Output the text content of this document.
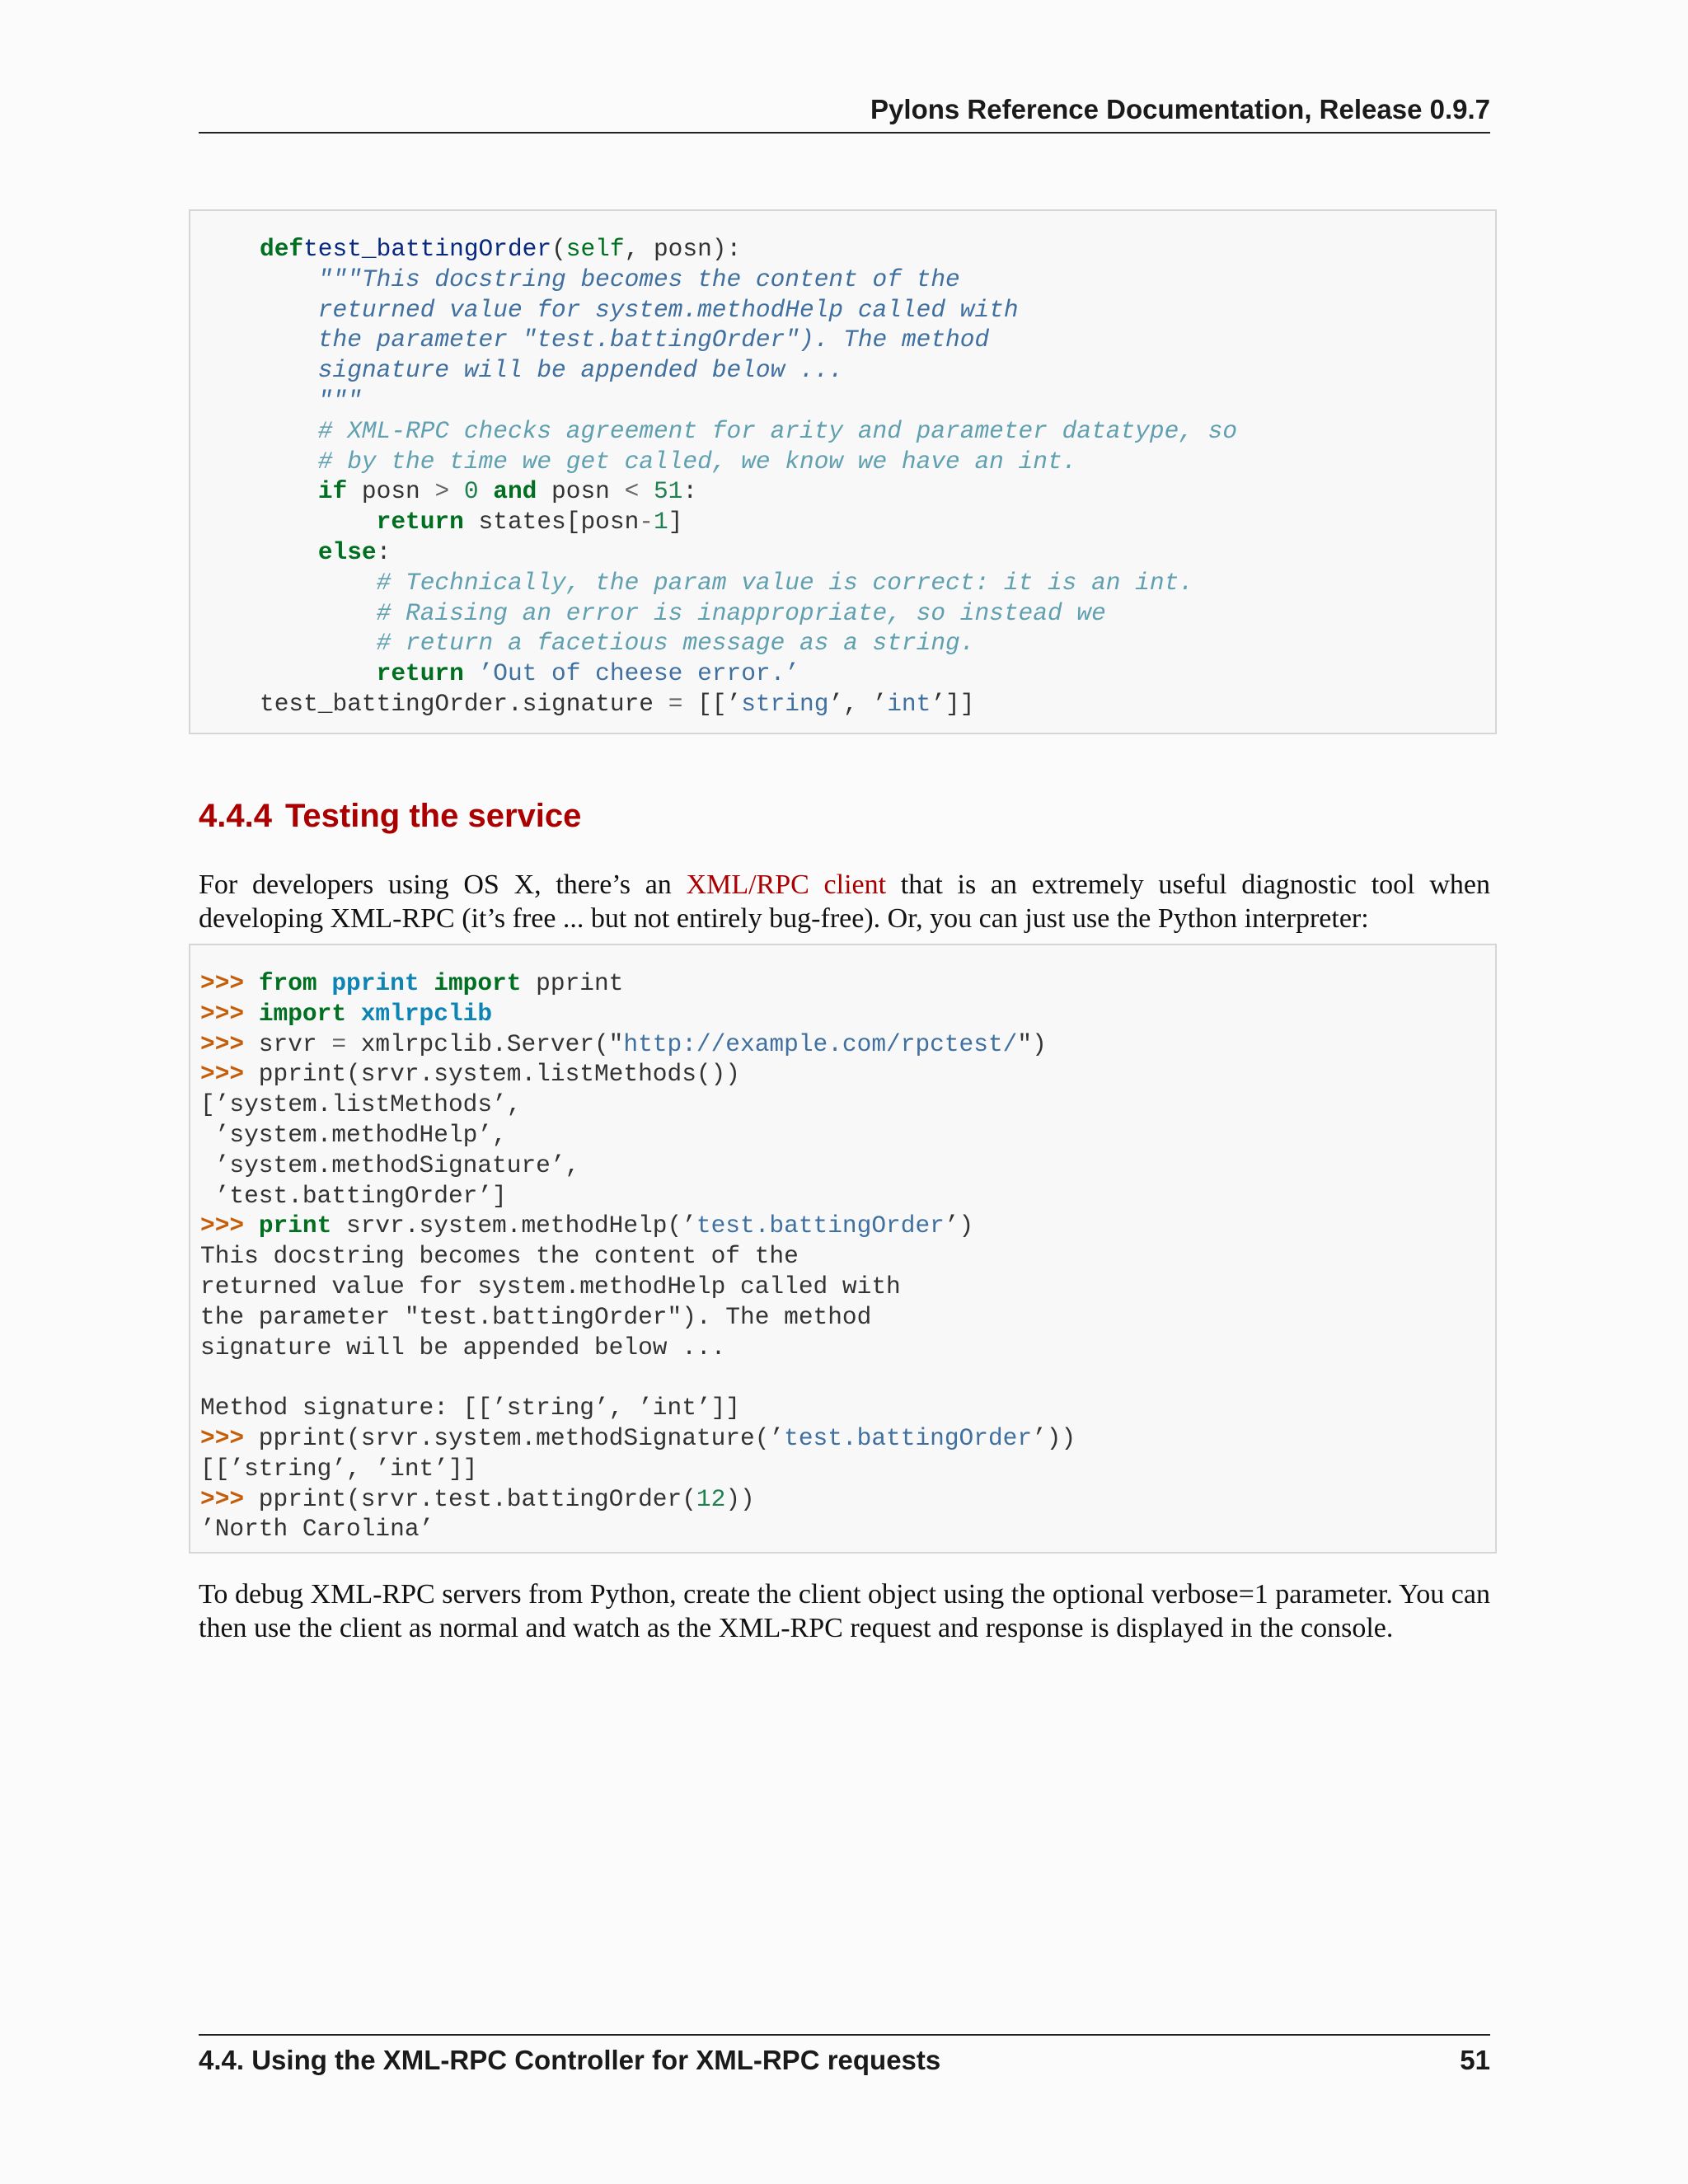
Pylons Reference Documentation, Release 0.9.7
deftest_battingOrder(self, posn):
"""This docstring becomes the content of the
returned value for system.methodHelp called with
the parameter "test.battingOrder"). The method
signature will be appended below ...
"""
# XML-RPC checks agreement for arity and parameter datatype, so
# by the time we get called, we know we have an int.
if posn > 0 and posn < 51:
return states[posn-1]
else:
# Technically, the param value is correct: it is an int.
# Raising an error is inappropriate, so instead we
# return a facetious message as a string.
return ’Out of cheese error.’
test_battingOrder.signature = [[’string’, ’int’]]
4.4.4 Testing the service
For developers using OS X, there’s an XML/RPC client that is an extremely useful diagnostic tool when developing XML-RPC (it’s free ... but not entirely bug-free). Or, you can just use the Python interpreter:
>>> from pprint import pprint
>>> import xmlrpclib
>>> srvr = xmlrpclib.Server("http://example.com/rpctest/")
>>> pprint(srvr.system.listMethods())
[’system.listMethods’,
’system.methodHelp’,
’system.methodSignature’,
’test.battingOrder’]
>>> print srvr.system.methodHelp(’test.battingOrder’)
This docstring becomes the content of the
returned value for system.methodHelp called with
the parameter "test.battingOrder"). The method
signature will be appended below ...
Method signature: [[’string’, ’int’]]
>>> pprint(srvr.system.methodSignature(’test.battingOrder’))
[[’string’, ’int’]]
>>> pprint(srvr.test.battingOrder(12))
’North Carolina’
To debug XML-RPC servers from Python, create the client object using the optional verbose=1 parameter. You can then use the client as normal and watch as the XML-RPC request and response is displayed in the console.
4.4. Using the XML-RPC Controller for XML-RPC requests	51
